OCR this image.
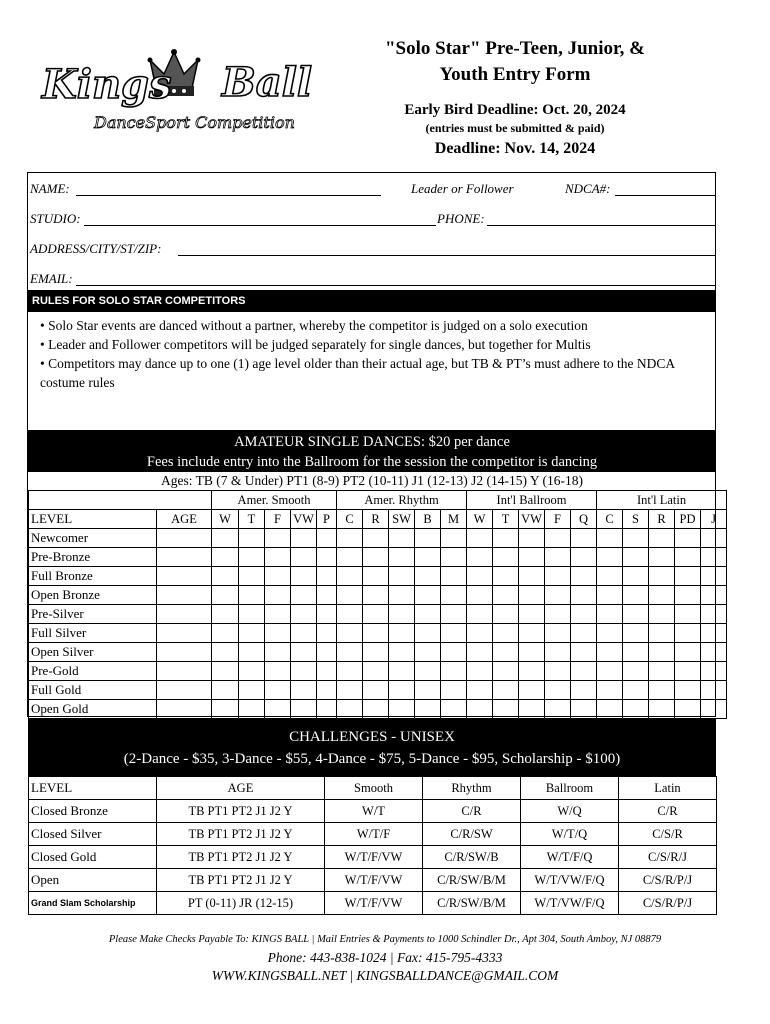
Kings Ball
DanceSport Competition
"Solo Star" Pre-Teen, Junior, &
Youth Entry Form
Early Bird Deadline: Oct. 20, 2024
(entries must be submitted & paid)
Deadline: Nov. 14, 2024
NAME:	Leader or Follower	NDCA#:
STUDIO:	PHONE:
ADDRESS/CITY/ST/ZIP:
EMAIL:
RULES FOR SOLO STAR COMPETITORS
• Solo Star events are danced without a partner, whereby the competitor is judged on a solo execution
• Leader and Follower competitors will be judged separately for single dances, but together for Multis
• Competitors may dance up to one (1) age level older than their actual age, but TB & PT’s must adhere to the NDCA costume rules
AMATEUR SINGLE DANCES: $20 per dance
Fees include entry into the Ballroom for the session the competitor is dancing
Ages: TB (7 & Under) PT1 (8-9) PT2 (10-11) J1 (12-13) J2 (14-15) Y (16-18)
		Amer. Smooth					Amer. Rhythm					Int'l Ballroom					Int'l Latin				
LEVEL	AGE	W	T	F	VW	P	C	R	SW	B	M	W	T	VW	F	Q	C	S	R	PD	J
Newcomer																					
Pre-Bronze																					
Full Bronze																					
Open Bronze																					
Pre-Silver																					
Full Silver																					
Open Silver																					
Pre-Gold																					
Full Gold																					
Open Gold																					
CHALLENGES - UNISEX
(2-Dance - $35, 3-Dance - $55, 4-Dance - $75, 5-Dance - $95, Scholarship - $100)
LEVEL	AGE	Smooth	Rhythm	Ballroom	Latin
Closed Bronze	TB PT1 PT2 J1 J2 Y	W/T	C/R	W/Q	C/R
Closed Silver	TB PT1 PT2 J1 J2 Y	W/T/F	C/R/SW	W/T/Q	C/S/R
Closed Gold	TB PT1 PT2 J1 J2 Y	W/T/F/VW	C/R/SW/B	W/T/F/Q	C/S/R/J
Open	TB PT1 PT2 J1 J2 Y	W/T/F/VW	C/R/SW/B/M	W/T/VW/F/Q	C/S/R/P/J
Grand Slam Scholarship	PT (0-11) JR (12-15)	W/T/F/VW	C/R/SW/B/M	W/T/VW/F/Q	C/S/R/P/J
Please Make Checks Payable To: KINGS BALL | Mail Entries & Payments to 1000 Schindler Dr., Apt 304, South Amboy, NJ 08879
Phone: 443-838-1024 | Fax: 415-795-4333
WWW.KINGSBALL.NET | KINGSBALLDANCE@GMAIL.COM
